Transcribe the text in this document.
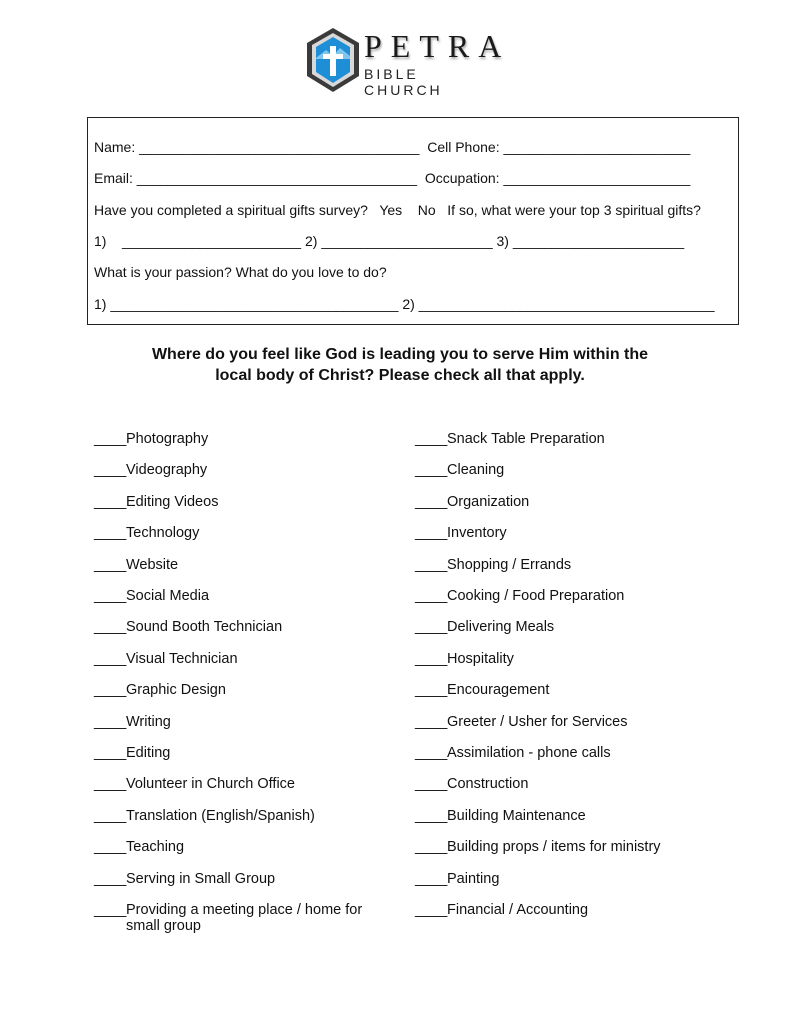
PETRA
BIBLE CHURCH
Name: ____________________________________  Cell Phone: ________________________
Email: ____________________________________  Occupation: ________________________
Have you completed a spiritual gifts survey?   Yes    No   If so, what were your top 3 spiritual gifts?
1)    _______________________ 2) ______________________ 3) ______________________
What is your passion? What do you love to do?
1) _____________________________________ 2) ______________________________________
Where do you feel like God is leading you to serve Him within the
local body of Christ? Please check all that apply.
____ Photography
____ Videography
____ Editing Videos
____ Technology
____ Website
____ Social Media
____ Sound Booth Technician
____ Visual Technician
____ Graphic Design
____ Writing
____ Editing
____ Volunteer in Church Office
____ Translation (English/Spanish)
____ Teaching
____ Serving in Small Group
____ Providing a meeting place / home for small group
____ Snack Table Preparation
____ Cleaning
____ Organization
____ Inventory
____ Shopping / Errands
____ Cooking / Food Preparation
____ Delivering Meals
____ Hospitality
____ Encouragement
____ Greeter / Usher for Services
____ Assimilation - phone calls
____ Construction
____ Building Maintenance
____ Building props / items for ministry
____ Painting
____ Financial / Accounting
